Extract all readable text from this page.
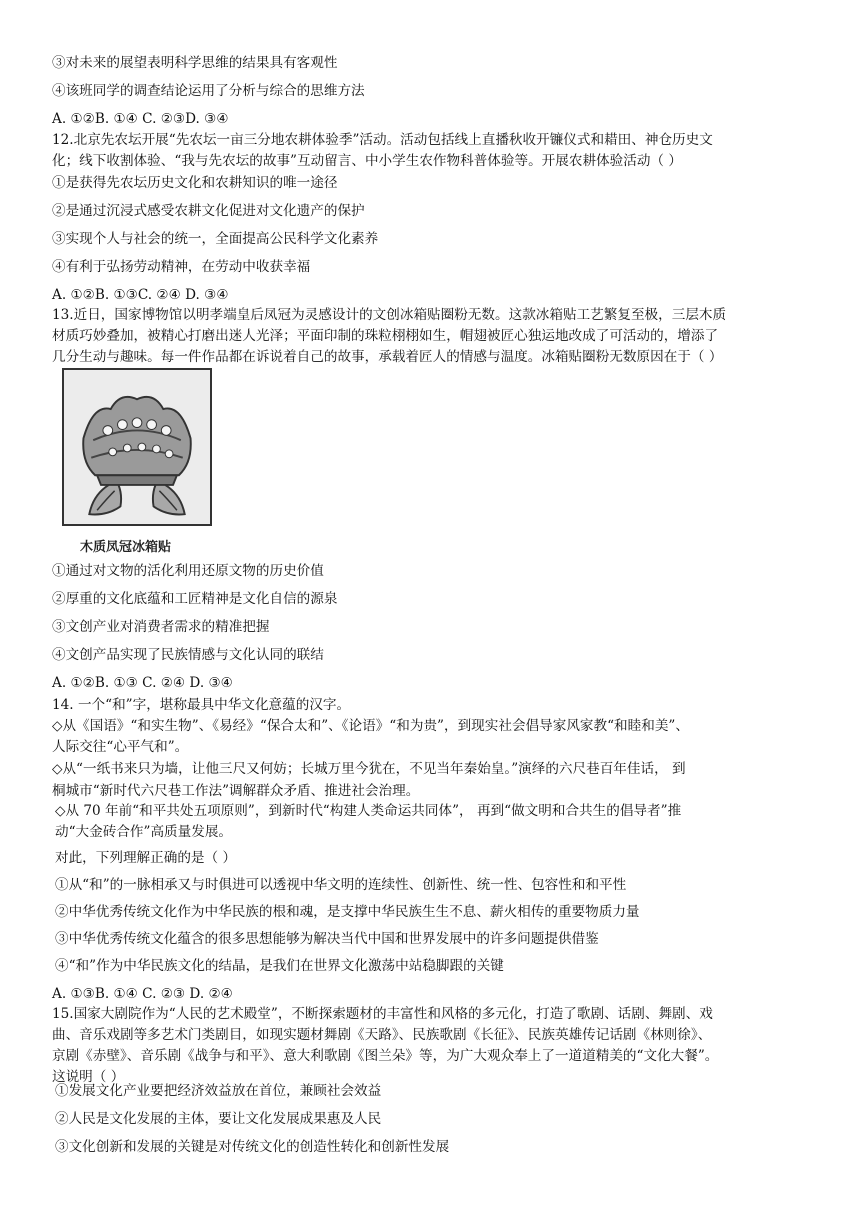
③对未来的展望表明科学思维的结果具有客观性
④该班同学的调查结论运用了分析与综合的思维方法
A. ①②B. ①④ C. ②③D. ③④
12.北京先农坛开展“先农坛一亩三分地农耕体验季”活动。活动包括线上直播秋收开镰仪式和耤田、神仓历史文
化；线下收割体验、“我与先农坛的故事”互动留言、中小学生农作物科普体验等。开展农耕体验活动（ ）
①是获得先农坛历史文化和农耕知识的唯一途径
②是通过沉浸式感受农耕文化促进对文化遗产的保护
③实现个人与社会的统一，全面提高公民科学文化素养
④有利于弘扬劳动精神，在劳动中收获幸福
A. ①②B. ①③C. ②④ D. ③④
13.近日，国家博物馆以明孝端皇后凤冠为灵感设计的文创冰箱贴圈粉无数。这款冰箱贴工艺繁复至极，三层木质
材质巧妙叠加，被精心打磨出迷人光泽；平面印制的珠粒栩栩如生，帽翅被匠心独运地改成了可活动的，增添了
几分生动与趣味。每一件作品都在诉说着自己的故事，承载着匠人的情感与温度。冰箱贴圈粉无数原因在于（ ）
木质凤冠冰箱贴
①通过对文物的活化利用还原文物的历史价值
②厚重的文化底蕴和工匠精神是文化自信的源泉
③文创产业对消费者需求的精准把握
④文创产品实现了民族情感与文化认同的联结
A. ①②B. ①③ C. ②④ D. ③④
14. 一个“和”字，堪称最具中华文化意蕴的汉字。
◇从《国语》“和实生物”、《易经》“保合太和”、《论语》“和为贵”，到现实社会倡导家风家教“和睦和美”、
人际交往“心平气和”。
◇从“一纸书来只为墙，让他三尺又何妨；长城万里今犹在，不见当年秦始皇。”演绎的六尺巷百年佳话， 到
桐城市“新时代六尺巷工作法”调解群众矛盾、推进社会治理。
◇从 70 年前“和平共处五项原则”，到新时代“构建人类命运共同体”， 再到“做文明和合共生的倡导者”推
动“大金砖合作”高质量发展。
对此，下列理解正确的是（ ）
①从“和”的一脉相承又与时俱进可以透视中华文明的连续性、创新性、统一性、包容性和和平性
②中华优秀传统文化作为中华民族的根和魂，是支撑中华民族生生不息、薪火相传的重要物质力量
③中华优秀传统文化蕴含的很多思想能够为解决当代中国和世界发展中的许多问题提供借鉴
④“和”作为中华民族文化的结晶，是我们在世界文化激荡中站稳脚跟的关键
A. ①③B. ①④ C. ②③ D. ②④
15.国家大剧院作为“人民的艺术殿堂”，不断探索题材的丰富性和风格的多元化，打造了歌剧、话剧、舞剧、戏
曲、音乐戏剧等多艺术门类剧目，如现实题材舞剧《天路》、民族歌剧《长征》、民族英雄传记话剧《林则徐》、
京剧《赤壁》、音乐剧《战争与和平》、意大利歌剧《图兰朵》等，为广大观众奉上了一道道精美的“文化大餐”。
这说明（ ）
①发展文化产业要把经济效益放在首位，兼顾社会效益
②人民是文化发展的主体，要让文化发展成果惠及人民
③文化创新和发展的关键是对传统文化的创造性转化和创新性发展
